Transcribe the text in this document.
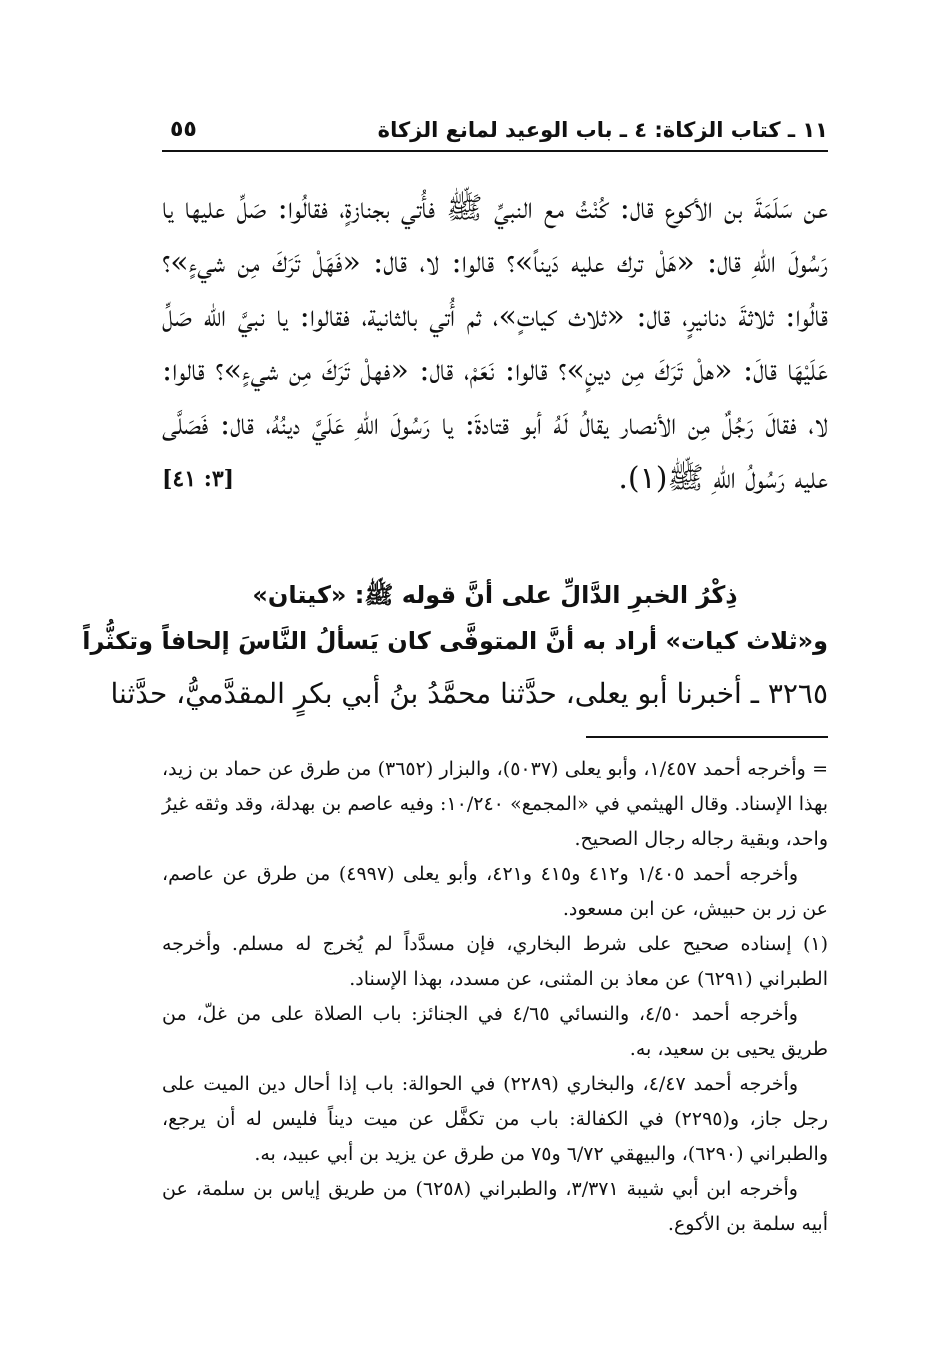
١١ ـ كتاب الزكاة: ٤ ـ باب الوعيد لمانع الزكاة
٥٥

عن سَلَمَةَ بن الأكوع قال: كُنْتُ مع النبيِّ ﷺ فأُتي بجنازةٍ، فقالُوا: صَلِّ عليها يا رَسُولَ اللّهِ قال: «هَلْ ترك عليه دَيناً»؟ قالوا: لا، قال: «فَهَلْ تَرَكَ مِن شيءٍ»؟ قالُوا: ثلاثةَ دنانيرٍ، قال: «ثلاث كياتٍ»، ثم أُتي بالثانية، فقالوا: يا نبيَّ الله صَلِّ عَلَيْهَا قالَ: «هلْ تَرَكَ مِن دينٍ»؟ قالوا: نَعَمْ، قال: «فهلْ تَرَكَ مِن شيءٍ»؟ قالوا: لا، فقالَ رَجُلٌ مِن الأنصار يقالُ لَهُ أبو قتادةَ: يا رَسُولَ اللّهِ عَلَيَّ دينُهُ، قال: فَصَلَّى عليه رَسُولُ اللّهِ ﷺ(١).
[٣: ٤١]

ذِكْرُ الخبرِ الدَّالِّ على أنَّ قوله ﷺ: «كيتان»
و«ثلاث كيات» أراد به أنَّ المتوفَّى كان يَسألُ النَّاسَ إلحافاً وتكثُّراً
٣٢٦٥ ـ أخبرنا أبو يعلى، حدَّثنا محمَّدُ بنُ أبي بكرٍ المقدَّميُّ، حدَّثنا

= وأخرجه أحمد ١/٤٥٧، وأبو يعلى (٥٠٣٧)، والبزار (٣٦٥٢) من طرق عن حماد بن زيد، بهذا الإسناد. وقال الهيثمي في «المجمع» ١٠/٢٤٠: وفيه عاصم بن بهدلة، وقد وثقه غيرُ واحد، وبقية رجاله رجال الصحيح.

وأخرجه أحمد ١/٤٠٥ و٤١٢ و٤١٥ و٤٢١، وأبو يعلى (٤٩٩٧) من طرق عن عاصم، عن زر بن حبيش، عن ابن مسعود.

(١) إسناده صحيح على شرط البخاري، فإن مسدَّداً لم يُخرج له مسلم. وأخرجه الطبراني (٦٢٩١) عن معاذ بن المثنى، عن مسدد، بهذا الإسناد.

وأخرجه أحمد ٤/٥٠، والنسائي ٤/٦٥ في الجنائز: باب الصلاة على من غلّ، من طريق يحيى بن سعيد، به.

وأخرجه أحمد ٤/٤٧، والبخاري (٢٢٨٩) في الحوالة: باب إذا أحال دين الميت على رجل جاز، و(٢٢٩٥) في الكفالة: باب من تكفَّل عن ميت ديناً فليس له أن يرجع، والطبراني (٦٢٩٠)، والبيهقي ٦/٧٢ و٧٥ من طرق عن يزيد بن أبي عبيد، به.

وأخرجه ابن أبي شيبة ٣/٣٧١، والطبراني (٦٢٥٨) من طريق إياس بن سلمة، عن أبيه سلمة بن الأكوع.
